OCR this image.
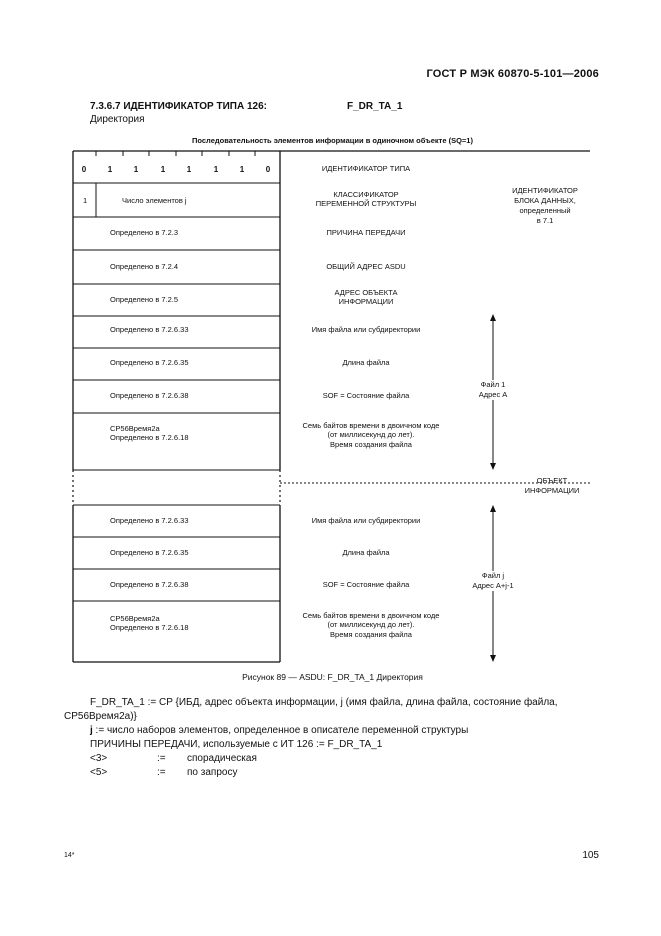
ГОСТ Р МЭК 60870-5-101—2006
7.3.6.7 ИДЕНТИФИКАТОР ТИПА 126:	F_DR_TA_1
Директория
Последовательность элементов информации в одиночном объекте (SQ=1)
0	1	1	1	1	1	1	0	ИДЕНТИФИКАТОР ТИПА
КЛАССИФИКАТОР
ПЕРЕМЕННОЙ СТРУКТУРЫ
ПРИЧИНА ПЕРЕДАЧИ
ОБЩИЙ АДРЕС ASDU
АДРЕС ОБЪЕКТА
ИНФОРМАЦИИ
Имя файла или субдиректории
Длина файла
SOF = Состояние файла
Семь байтов времени в двоичном коде
(от миллисекунд до лет).
Время создания файла
1	Число элементов j
Определено в 7.2.3
Определено в 7.2.4
Определено в 7.2.5
Определено в 7.2.6.33
Определено в 7.2.6.35
Определено в 7.2.6.38
CP56Время2а
Определено в 7.2.6.18
Определено в 7.2.6.33
Определено в 7.2.6.35
Определено в 7.2.6.38
CP56Время2а
Определено в 7.2.6.18
Имя файла или субдиректории
Длина файла
SOF = Состояние файла
Семь байтов времени в двоичном коде
(от миллисекунд до лет).
Время создания файла
ИДЕНТИФИКАТОР
БЛОКА ДАННЫХ,
определенный
в 7.1
ОБЪЕКТ
ИНФОРМАЦИИ
Файл 1
Адрес А
Файл j
Адрес А+j-1
Рисунок 89 — ASDU: F_DR_TA_1 Директория
F_DR_TA_1 := CP {ИБД, адрес объекта информации, j (имя файла, длина файла, состояние файла,
CP56Время2а)}
j := число наборов элементов, определенное в описателе переменной структуры
ПРИЧИНЫ ПЕРЕДАЧИ, используемые с ИТ 126 := F_DR_TA_1
<3>	:= спорадическая
<5>	:= по запросу
14*	105
